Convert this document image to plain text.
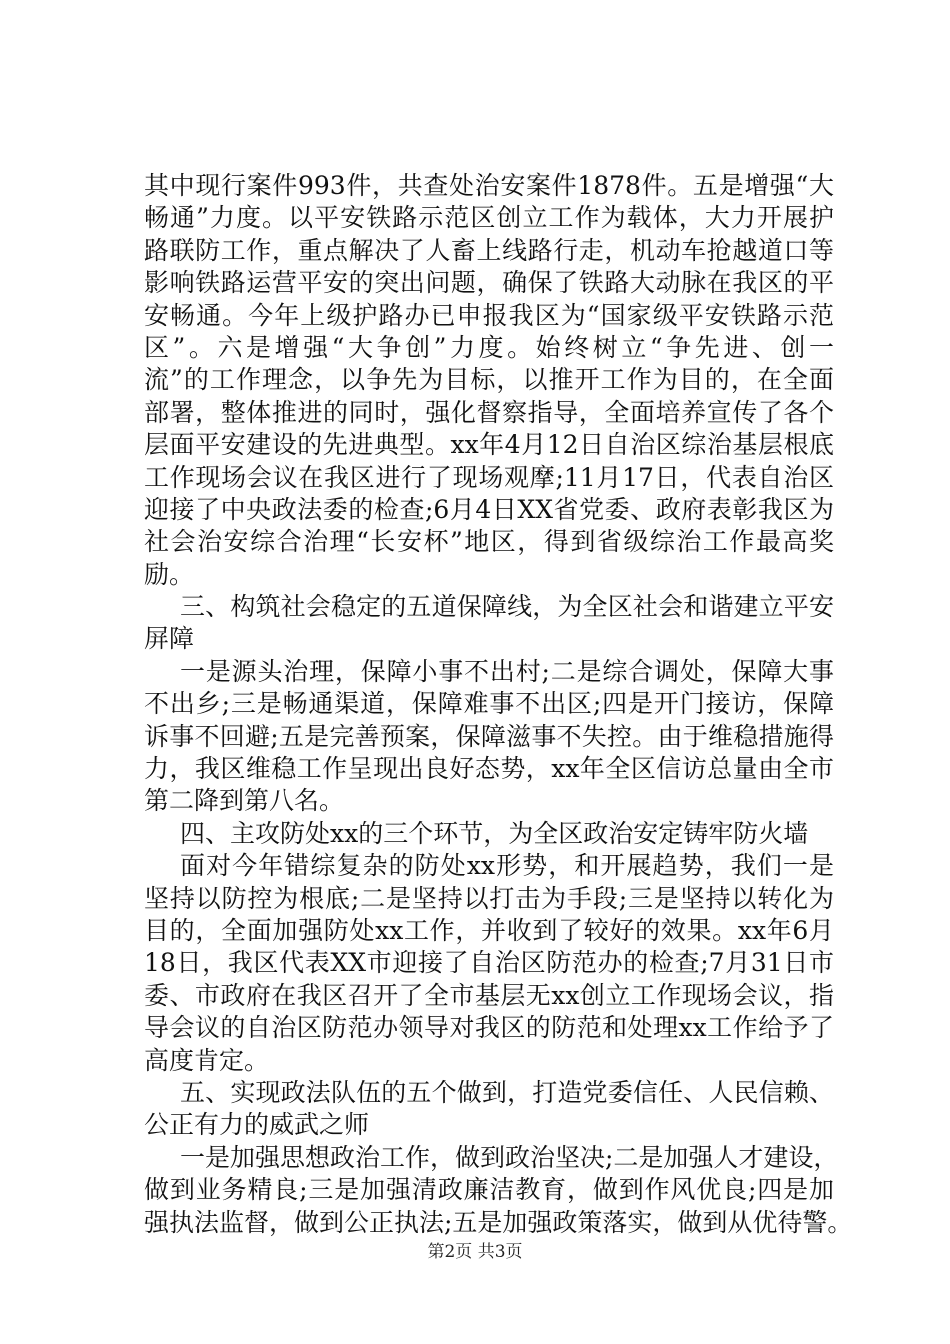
其中现行案件993件，共查处治安案件1878件。五是增强“大
畅通”力度。以平安铁路示范区创立工作为载体，大力开展护
路联防工作，重点解决了人畜上线路行走，机动车抢越道口等
影响铁路运营平安的突出问题，确保了铁路大动脉在我区的平
安畅通。今年上级护路办已申报我区为“国家级平安铁路示范
区”。六是增强“大争创”力度。始终树立“争先进、创一
流”的工作理念，以争先为目标，以推开工作为目的，在全面
部署，整体推进的同时，强化督察指导，全面培养宣传了各个
层面平安建设的先进典型。xx年4月12日自治区综治基层根底
工作现场会议在我区进行了现场观摩;11月17日，代表自治区
迎接了中央政法委的检查;6月4日XX省党委、政府表彰我区为
社会治安综合治理“长安杯”地区，得到省级综治工作最高奖
励。
三、构筑社会稳定的五道保障线，为全区社会和谐建立平安
屏障
一是源头治理，保障小事不出村;二是综合调处，保障大事
不出乡;三是畅通渠道，保障难事不出区;四是开门接访，保障
诉事不回避;五是完善预案，保障滋事不失控。由于维稳措施得
力，我区维稳工作呈现出良好态势，xx年全区信访总量由全市
第二降到第八名。
四、主攻防处xx的三个环节，为全区政治安定铸牢防火墙
面对今年错综复杂的防处xx形势，和开展趋势，我们一是
坚持以防控为根底;二是坚持以打击为手段;三是坚持以转化为
目的，全面加强防处xx工作，并收到了较好的效果。xx年6月
18日，我区代表XX市迎接了自治区防范办的检查;7月31日市
委、市政府在我区召开了全市基层无xx创立工作现场会议，指
导会议的自治区防范办领导对我区的防范和处理xx工作给予了
高度肯定。
五、实现政法队伍的五个做到，打造党委信任、人民信赖、
公正有力的威武之师
一是加强思想政治工作，做到政治坚决;二是加强人才建设，
做到业务精良;三是加强清政廉洁教育，做到作风优良;四是加
强执法监督，做到公正执法;五是加强政策落实，做到从优待警。
第2页 共3页
